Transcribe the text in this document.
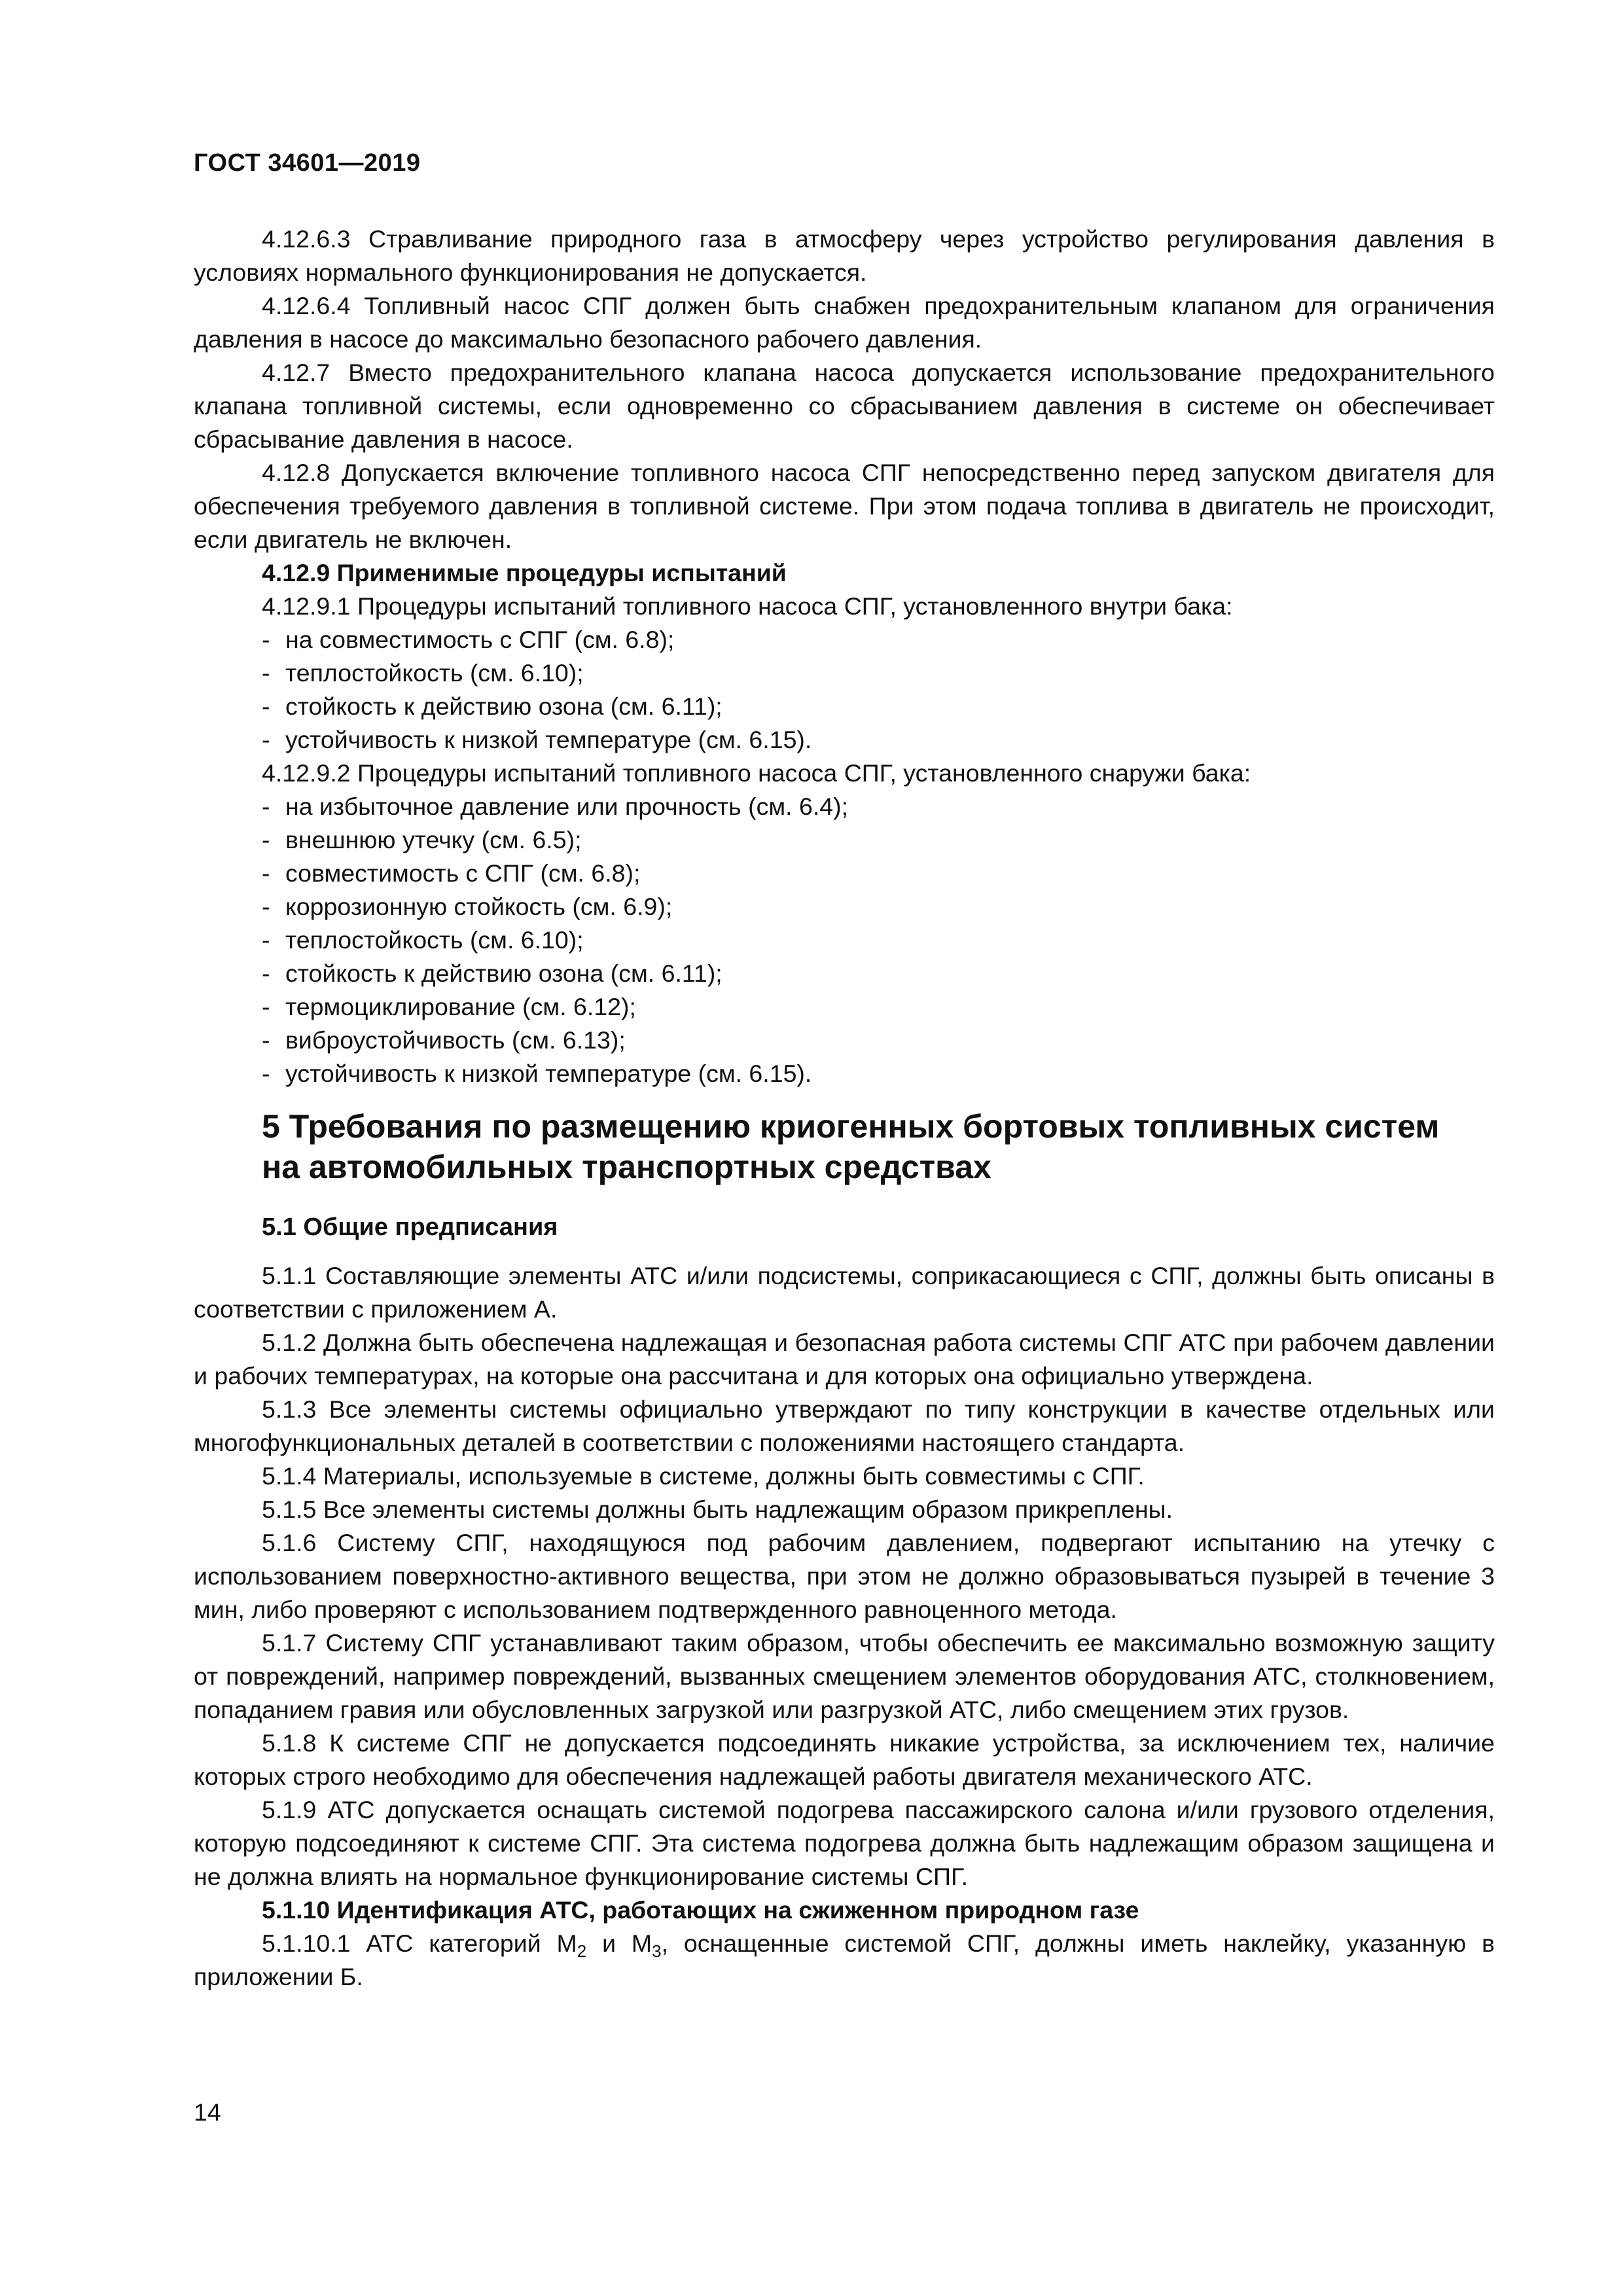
ГОСТ 34601—2019

4.12.6.3 Стравливание природного газа в атмосферу через устройство регулирования давления в условиях нормального функционирования не допускается.

4.12.6.4 Топливный насос СПГ должен быть снабжен предохранительным клапаном для ограничения давления в насосе до максимально безопасного рабочего давления.

4.12.7 Вместо предохранительного клапана насоса допускается использование предохранительного клапана топливной системы, если одновременно со сбрасыванием давления в системе он обеспечивает сбрасывание давления в насосе.

4.12.8 Допускается включение топливного насоса СПГ непосредственно перед запуском двигателя для обеспечения требуемого давления в топливной системе. При этом подача топлива в двигатель не происходит, если двигатель не включен.

4.12.9 Применимые процедуры испытаний

4.12.9.1 Процедуры испытаний топливного насоса СПГ, установленного внутри бака:

- на совместимость с СПГ (см. 6.8);

- теплостойкость (см. 6.10);

- стойкость к действию озона (см. 6.11);

- устойчивость к низкой температуре (см. 6.15).

4.12.9.2 Процедуры испытаний топливного насоса СПГ, установленного снаружи бака:

- на избыточное давление или прочность (см. 6.4);

- внешнюю утечку (см. 6.5);

- совместимость с СПГ (см. 6.8);

- коррозионную стойкость (см. 6.9);

- теплостойкость (см. 6.10);

- стойкость к действию озона (см. 6.11);

- термоциклирование (см. 6.12);

- виброустойчивость (см. 6.13);

- устойчивость к низкой температуре (см. 6.15).

5 Требования по размещению криогенных бортовых топливных систем

на автомобильных транспортных средствах

5.1 Общие предписания

5.1.1 Составляющие элементы АТС и/или подсистемы, соприкасающиеся с СПГ, должны быть описаны в соответствии с приложением А.

5.1.2 Должна быть обеспечена надлежащая и безопасная работа системы СПГ АТС при рабочем давлении и рабочих температурах, на которые она рассчитана и для которых она официально утверждена.

5.1.3 Все элементы системы официально утверждают по типу конструкции в качестве отдельных или многофункциональных деталей в соответствии с положениями настоящего стандарта.

5.1.4 Материалы, используемые в системе, должны быть совместимы с СПГ.

5.1.5 Все элементы системы должны быть надлежащим образом прикреплены.

5.1.6 Систему СПГ, находящуюся под рабочим давлением, подвергают испытанию на утечку с использованием поверхностно-активного вещества, при этом не должно образовываться пузырей в течение 3 мин, либо проверяют с использованием подтвержденного равноценного метода.

5.1.7 Систему СПГ устанавливают таким образом, чтобы обеспечить ее максимально возможную защиту от повреждений, например повреждений, вызванных смещением элементов оборудования АТС, столкновением, попаданием гравия или обусловленных загрузкой или разгрузкой АТС, либо смещением этих грузов.

5.1.8 К системе СПГ не допускается подсоединять никакие устройства, за исключением тех, наличие которых строго необходимо для обеспечения надлежащей работы двигателя механического АТС.

5.1.9 АТС допускается оснащать системой подогрева пассажирского салона и/или грузового отделения, которую подсоединяют к системе СПГ. Эта система подогрева должна быть надлежащим образом защищена и не должна влиять на нормальное функционирование системы СПГ.

5.1.10 Идентификация АТС, работающих на сжиженном природном газе

5.1.10.1 АТС категорий $М_2$ и $М_3$, оснащенные системой СПГ, должны иметь наклейку, указанную в приложении Б.

14
